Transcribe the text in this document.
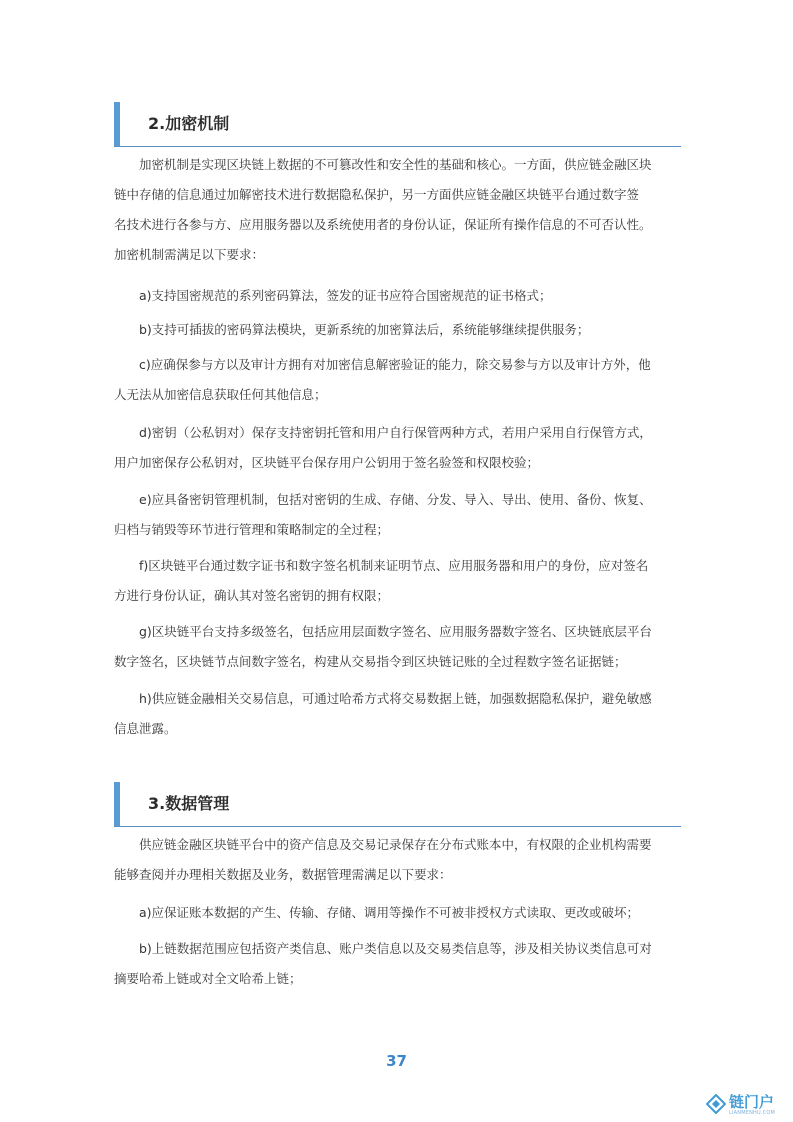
2.加密机制
加密机制是实现区块链上数据的不可篡改性和安全性的基础和核心。一方面，供应链金融区块
链中存储的信息通过加解密技术进行数据隐私保护，另一方面供应链金融区块链平台通过数字签
名技术进行各参与方、应用服务器以及系统使用者的身份认证，保证所有操作信息的不可否认性。
加密机制需满足以下要求：
a)支持国密规范的系列密码算法，签发的证书应符合国密规范的证书格式；
b)支持可插拔的密码算法模块，更新系统的加密算法后，系统能够继续提供服务；
c)应确保参与方以及审计方拥有对加密信息解密验证的能力，除交易参与方以及审计方外，他
人无法从加密信息获取任何其他信息；
d)密钥（公私钥对）保存支持密钥托管和用户自行保管两种方式，若用户采用自行保管方式，
用户加密保存公私钥对，区块链平台保存用户公钥用于签名验签和权限校验；
e)应具备密钥管理机制，包括对密钥的生成、存储、分发、导入、导出、使用、备份、恢复、
归档与销毁等环节进行管理和策略制定的全过程；
f)区块链平台通过数字证书和数字签名机制来证明节点、应用服务器和用户的身份，应对签名
方进行身份认证，确认其对签名密钥的拥有权限；
g)区块链平台支持多级签名，包括应用层面数字签名、应用服务器数字签名、区块链底层平台
数字签名，区块链节点间数字签名，构建从交易指令到区块链记账的全过程数字签名证据链；
h)供应链金融相关交易信息，可通过哈希方式将交易数据上链，加强数据隐私保护，避免敏感
信息泄露。
3.数据管理
供应链金融区块链平台中的资产信息及交易记录保存在分布式账本中，有权限的企业机构需要
能够查阅并办理相关数据及业务，数据管理需满足以下要求：
a)应保证账本数据的产生、传输、存储、调用等操作不可被非授权方式读取、更改或破坏；
b)上链数据范围应包括资产类信息、账户类信息以及交易类信息等，涉及相关协议类信息可对
摘要哈希上链或对全文哈希上链；
37
链门户
LIANMENHU.COM
